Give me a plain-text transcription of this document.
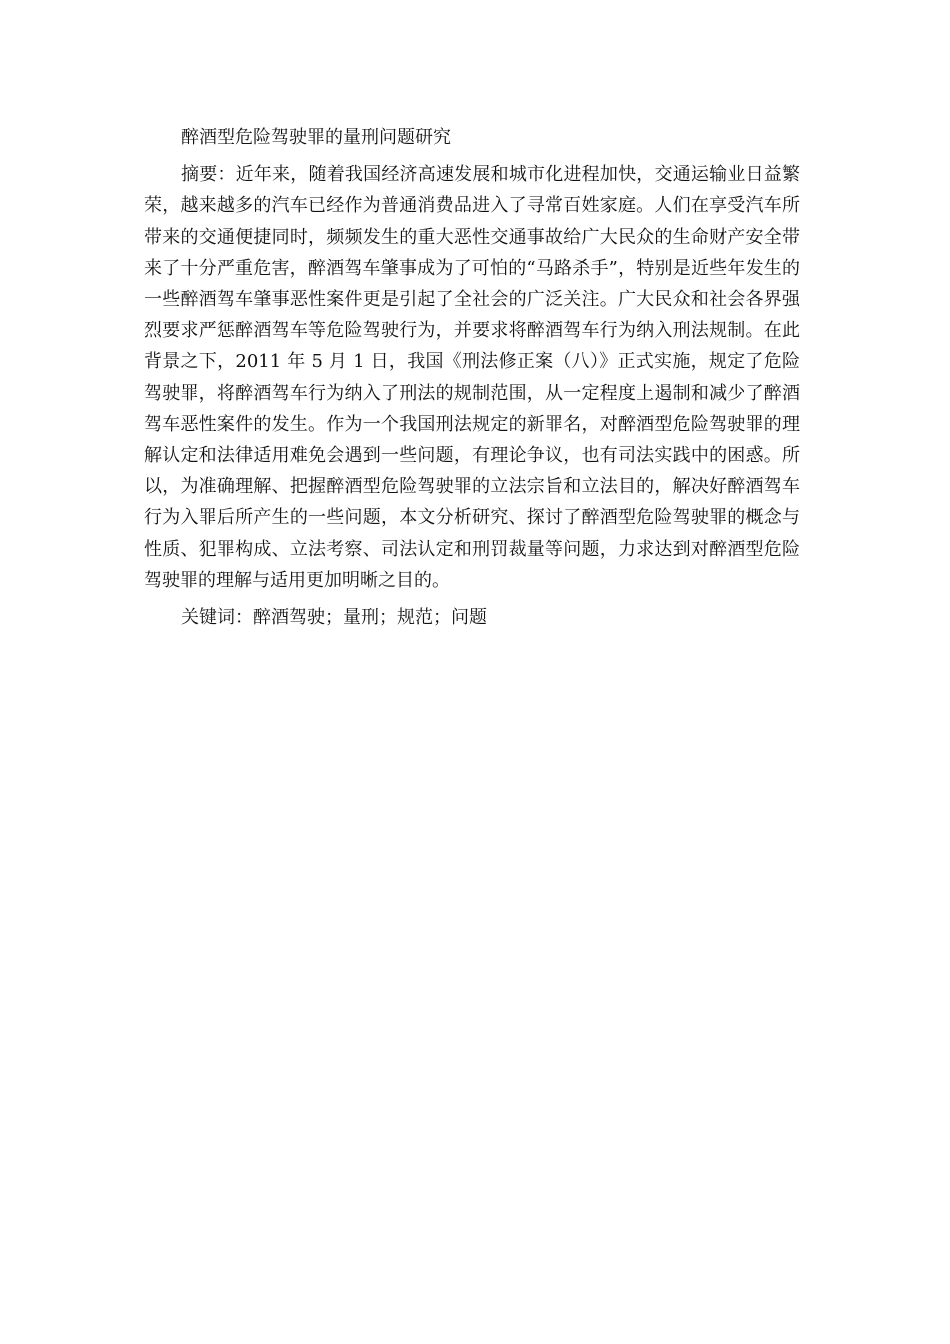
醉酒型危险驾驶罪的量刑问题研究

摘要：近年来，随着我国经济高速发展和城市化进程加快，交通运输业日益繁荣，越来越多的汽车已经作为普通消费品进入了寻常百姓家庭。人们在享受汽车所带来的交通便捷同时，频频发生的重大恶性交通事故给广大民众的生命财产安全带来了十分严重危害，醉酒驾车肇事成为了可怕的“马路杀手”，特别是近些年发生的一些醉酒驾车肇事恶性案件更是引起了全社会的广泛关注。广大民众和社会各界强烈要求严惩醉酒驾车等危险驾驶行为，并要求将醉酒驾车行为纳入刑法规制。在此背景之下，2011 年 5 月 1 日，我国《刑法修正案（八）》正式实施，规定了危险驾驶罪，将醉酒驾车行为纳入了刑法的规制范围，从一定程度上遏制和减少了醉酒驾车恶性案件的发生。作为一个我国刑法规定的新罪名，对醉酒型危险驾驶罪的理解认定和法律适用难免会遇到一些问题，有理论争议，也有司法实践中的困惑。所以，为准确理解、把握醉酒型危险驾驶罪的立法宗旨和立法目的，解决好醉酒驾车行为入罪后所产生的一些问题，本文分析研究、探讨了醉酒型危险驾驶罪的概念与性质、犯罪构成、立法考察、司法认定和刑罚裁量等问题，力求达到对醉酒型危险驾驶罪的理解与适用更加明晰之目的。

关键词：醉酒驾驶；量刑；规范；问题
